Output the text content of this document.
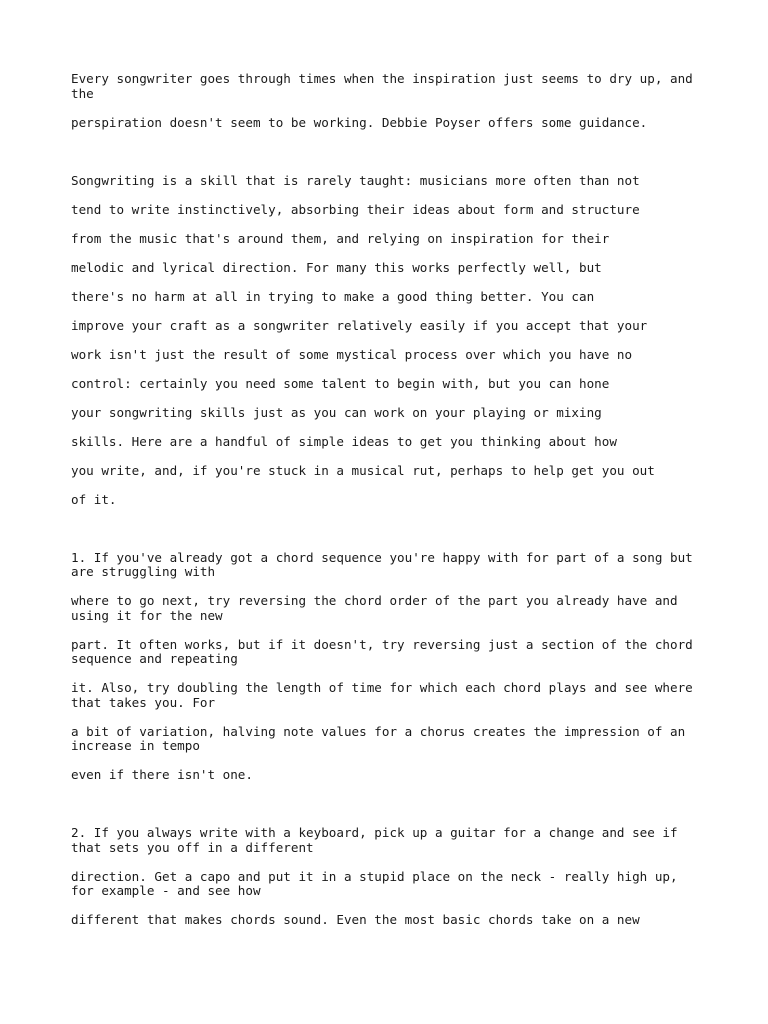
Every songwriter goes through times when the inspiration just seems to dry up, and the
perspiration doesn't seem to be working. Debbie Poyser offers some guidance.
Songwriting is a skill that is rarely taught: musicians more often than not
tend to write instinctively, absorbing their ideas about form and structure
from the music that's around them, and relying on inspiration for their
melodic and lyrical direction. For many this works perfectly well, but
there's no harm at all in trying to make a good thing better. You can
improve your craft as a songwriter relatively easily if you accept that your
work isn't just the result of some mystical process over which you have no
control: certainly you need some talent to begin with, but you can hone
your songwriting skills just as you can work on your playing or mixing
skills. Here are a handful of simple ideas to get you thinking about how
you write, and, if you're stuck in a musical rut, perhaps to help get you out
of it.
1. If you've already got a chord sequence you're happy with for part of a song but are struggling with
where to go next, try reversing the chord order of the part you already have and using it for the new
part. It often works, but if it doesn't, try reversing just a section of the chord sequence and repeating
it. Also, try doubling the length of time for which each chord plays and see where that takes you. For
a bit of variation, halving note values for a chorus creates the impression of an increase in tempo
even if there isn't one.
2. If you always write with a keyboard, pick up a guitar for a change and see if that sets you off in a different
direction. Get a capo and put it in a stupid place on the neck - really high up, for example - and see how
different that makes chords sound. Even the most basic chords take on a new
